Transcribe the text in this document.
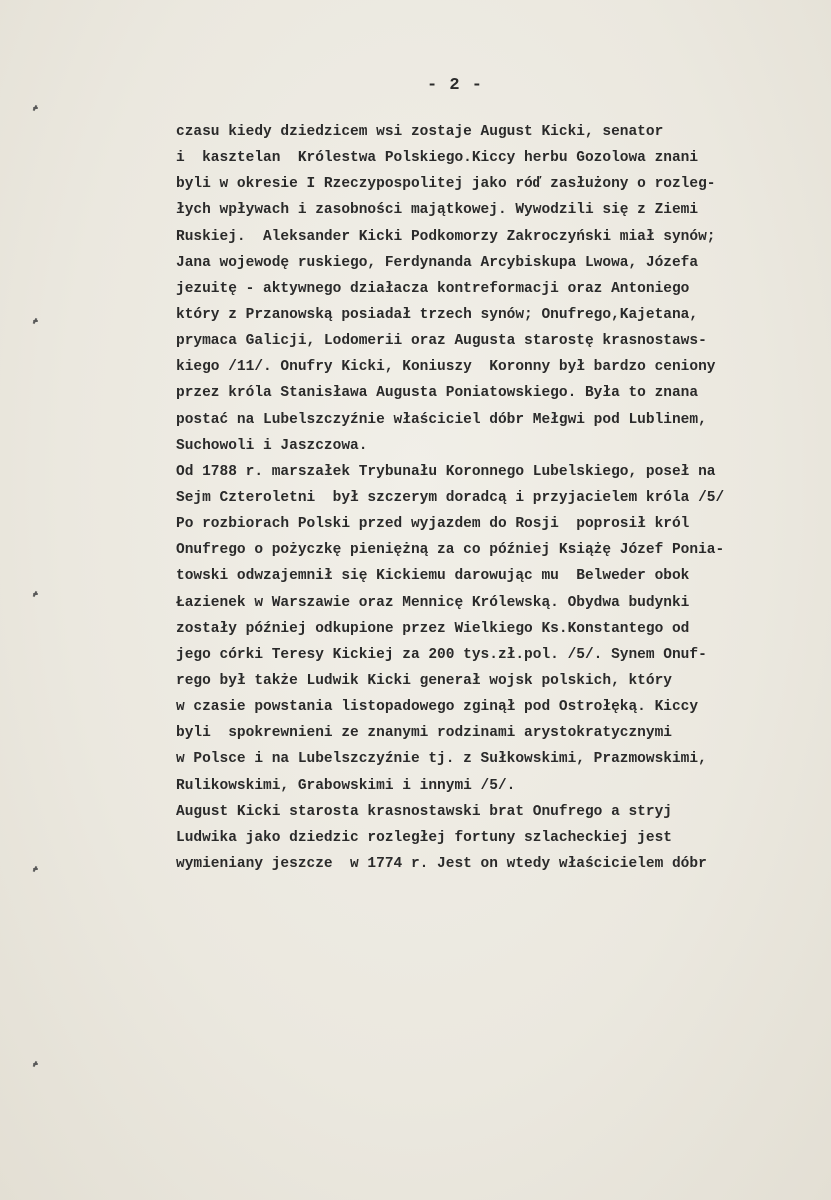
- 2 -
czasu kiedy dziedzicem wsi zostaje August Kicki, senator
i  kasztelan  Królestwa Polskiego.Kiccy herbu Gozolowa znani
byli w okresie I Rzeczypospolitej jako róď zasłużony o rozleg-
łych wpływach i zasobności majątkowej. Wywodzili się z Ziemi
Ruskiej.  Aleksander Kicki Podkomorzy Zakroczyński miał synów;
Jana wojewodę ruskiego, Ferdynanda Arcybiskupa Lwowa, Józefa
jezuitę - aktywnego działacza kontreformacji oraz Antoniego
który z Przanowską posiadał trzech synów; Onufrego,Kajetana,
prymaca Galicji, Lodomerii oraz Augusta starostę krasnostaws-
kiego /11/. Onufry Kicki, Koniuszy  Koronny był bardzo ceniony
przez króla Stanisława Augusta Poniatowskiego. Była to znana
postać na Lubelszczyźnie właściciel dóbr Mełgwi pod Lublinem,
Suchowoli i Jaszczowa.
Od 1788 r. marszałek Trybunału Koronnego Lubelskiego, poseł na
Sejm Czteroletni  był szczerym doradcą i przyjacielem króla /5/
Po rozbiorach Polski przed wyjazdem do Rosji  poprosił król
Onufrego o pożyczkę pieniężną za co później Książę Józef Ponia-
towski odwzajemnił się Kickiemu darowując mu  Belweder obok
Łazienek w Warszawie oraz Mennicę Królewską. Obydwa budynki
zostały później odkupione przez Wielkiego Ks.Konstantego od
jego córki Teresy Kickiej za 200 tys.zł.pol. /5/. Synem Onuf-
rego był także Ludwik Kicki generał wojsk polskich, który
w czasie powstania listopadowego zginął pod Ostrołęką. Kiccy
byli  spokrewnieni ze znanymi rodzinami arystokratycznymi
w Polsce i na Lubelszczyźnie tj. z Sułkowskimi, Prazmowskimi,
Rulikowskimi, Grabowskimi i innymi /5/.
August Kicki starosta krasnostawski brat Onufrego a stryj
Ludwika jako dziedzic rozległej fortuny szlacheckiej jest
wymieniany jeszcze  w 1774 r. Jest on wtedy właścicielem dóbr
